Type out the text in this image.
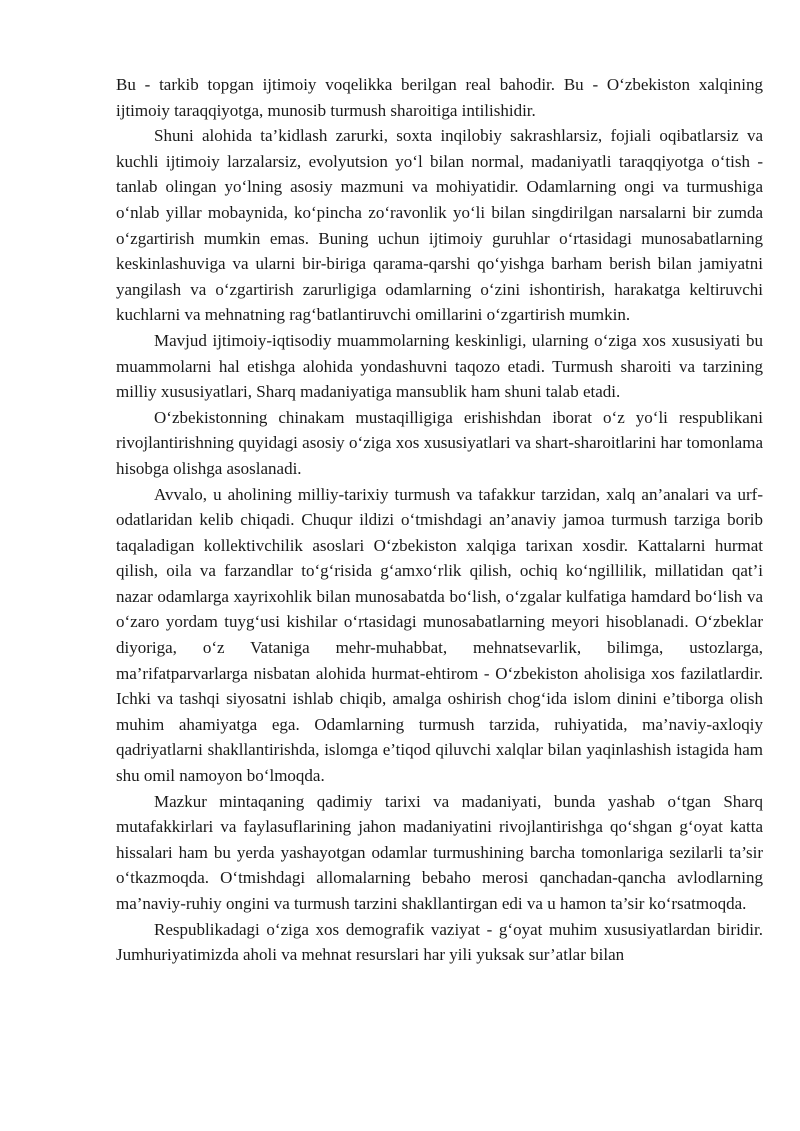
Bu - tarkib topgan ijtimoiy voqelikka berilgan real bahodir. Bu - O‘zbekiston xalqining ijtimoiy taraqqiyotga, munosib turmush sharoitiga intilishidir.

Shuni alohida ta’kidlash zarurki, soxta inqilobiy sakrashlarsiz, fojiali oqibatlarsiz va kuchli ijtimoiy larzalarsiz, evolyutsion yo‘l bilan normal, madaniyatli taraqqiyotga o‘tish - tanlab olingan yo‘lning asosiy mazmuni va mohiyatidir. Odamlarning ongi va turmushiga o‘nlab yillar mobaynida, ko‘pincha zo‘ravonlik yo‘li bilan singdirilgan narsalarni bir zumda o‘zgartirish mumkin emas. Buning uchun ijtimoiy guruhlar o‘rtasidagi munosabatlarning keskinlashuviga va ularni bir-biriga qarama-qarshi qo‘yishga barham berish bilan jamiyatni yangilash va o‘zgartirish zarurligiga odamlarning o‘zini ishontirish, harakatga keltiruvchi kuchlarni va mehnatning rag‘batlantiruvchi omillarini o‘zgartirish mumkin.

Mavjud ijtimoiy-iqtisodiy muammolarning keskinligi, ularning o‘ziga xos xususiyati bu muammolarni hal etishga alohida yondashuvni taqozo etadi. Turmush sharoiti va tarzining milliy xususiyatlari, Sharq madaniyatiga mansublik ham shuni talab etadi.

O‘zbekistonning chinakam mustaqilligiga erishishdan iborat o‘z yo‘li respublikani rivojlantirishning quyidagi asosiy o‘ziga xos xususiyatlari va shart-sharoitlarini har tomonlama hisobga olishga asoslanadi.

Avvalo, u aholining milliy-tarixiy turmush va tafakkur tarzidan, xalq an’analari va urf-odatlaridan kelib chiqadi. Chuqur ildizi o‘tmishdagi an’anaviy jamoa turmush tarziga borib taqaladigan kollektivchilik asoslari O‘zbekiston xalqiga tarixan xosdir. Kattalarni hurmat qilish, oila va farzandlar to‘g‘risida g‘amxo‘rlik qilish, ochiq ko‘ngillilik, millatidan qat’i nazar odamlarga xayrixohlik bilan munosabatda bo‘lish, o‘zgalar kulfatiga hamdard bo‘lish va o‘zaro yordam tuyg‘usi kishilar o‘rtasidagi munosabatlarning meyori hisoblanadi. O‘zbeklar diyoriga, o‘z Vataniga mehr-muhabbat, mehnatsevarlik, bilimga, ustozlarga, ma’rifatparvarlarga nisbatan alohida hurmat-ehtirom - O‘zbekiston aholisiga xos fazilatlardir. Ichki va tashqi siyosatni ishlab chiqib, amalga oshirish chog‘ida islom dinini e’tiborga olish muhim ahamiyatga ega. Odamlarning turmush tarzida, ruhiyatida, ma’naviy-axloqiy qadriyatlarni shakllantirishda, islomga e’tiqod qiluvchi xalqlar bilan yaqinlashish istagida ham shu omil namoyon bo‘lmoqda.

Mazkur mintaqaning qadimiy tarixi va madaniyati, bunda yashab o‘tgan Sharq mutafakkirlari va faylasuflarining jahon madaniyatini rivojlantirishga qo‘shgan g‘oyat katta hissalari ham bu yerda yashayotgan odamlar turmushining barcha tomonlariga sezilarli ta’sir o‘tkazmoqda. O‘tmishdagi allomalarning bebaho merosi qanchadan-qancha avlodlarning ma’naviy-ruhiy ongini va turmush tarzini shakllantirgan edi va u hamon ta’sir ko‘rsatmoqda.

Respublikadagi o‘ziga xos demografik vaziyat - g‘oyat muhim xususiyatlardan biridir. Jumhuriyatimizda aholi va mehnat resurslari har yili yuksak sur’atlar bilan
